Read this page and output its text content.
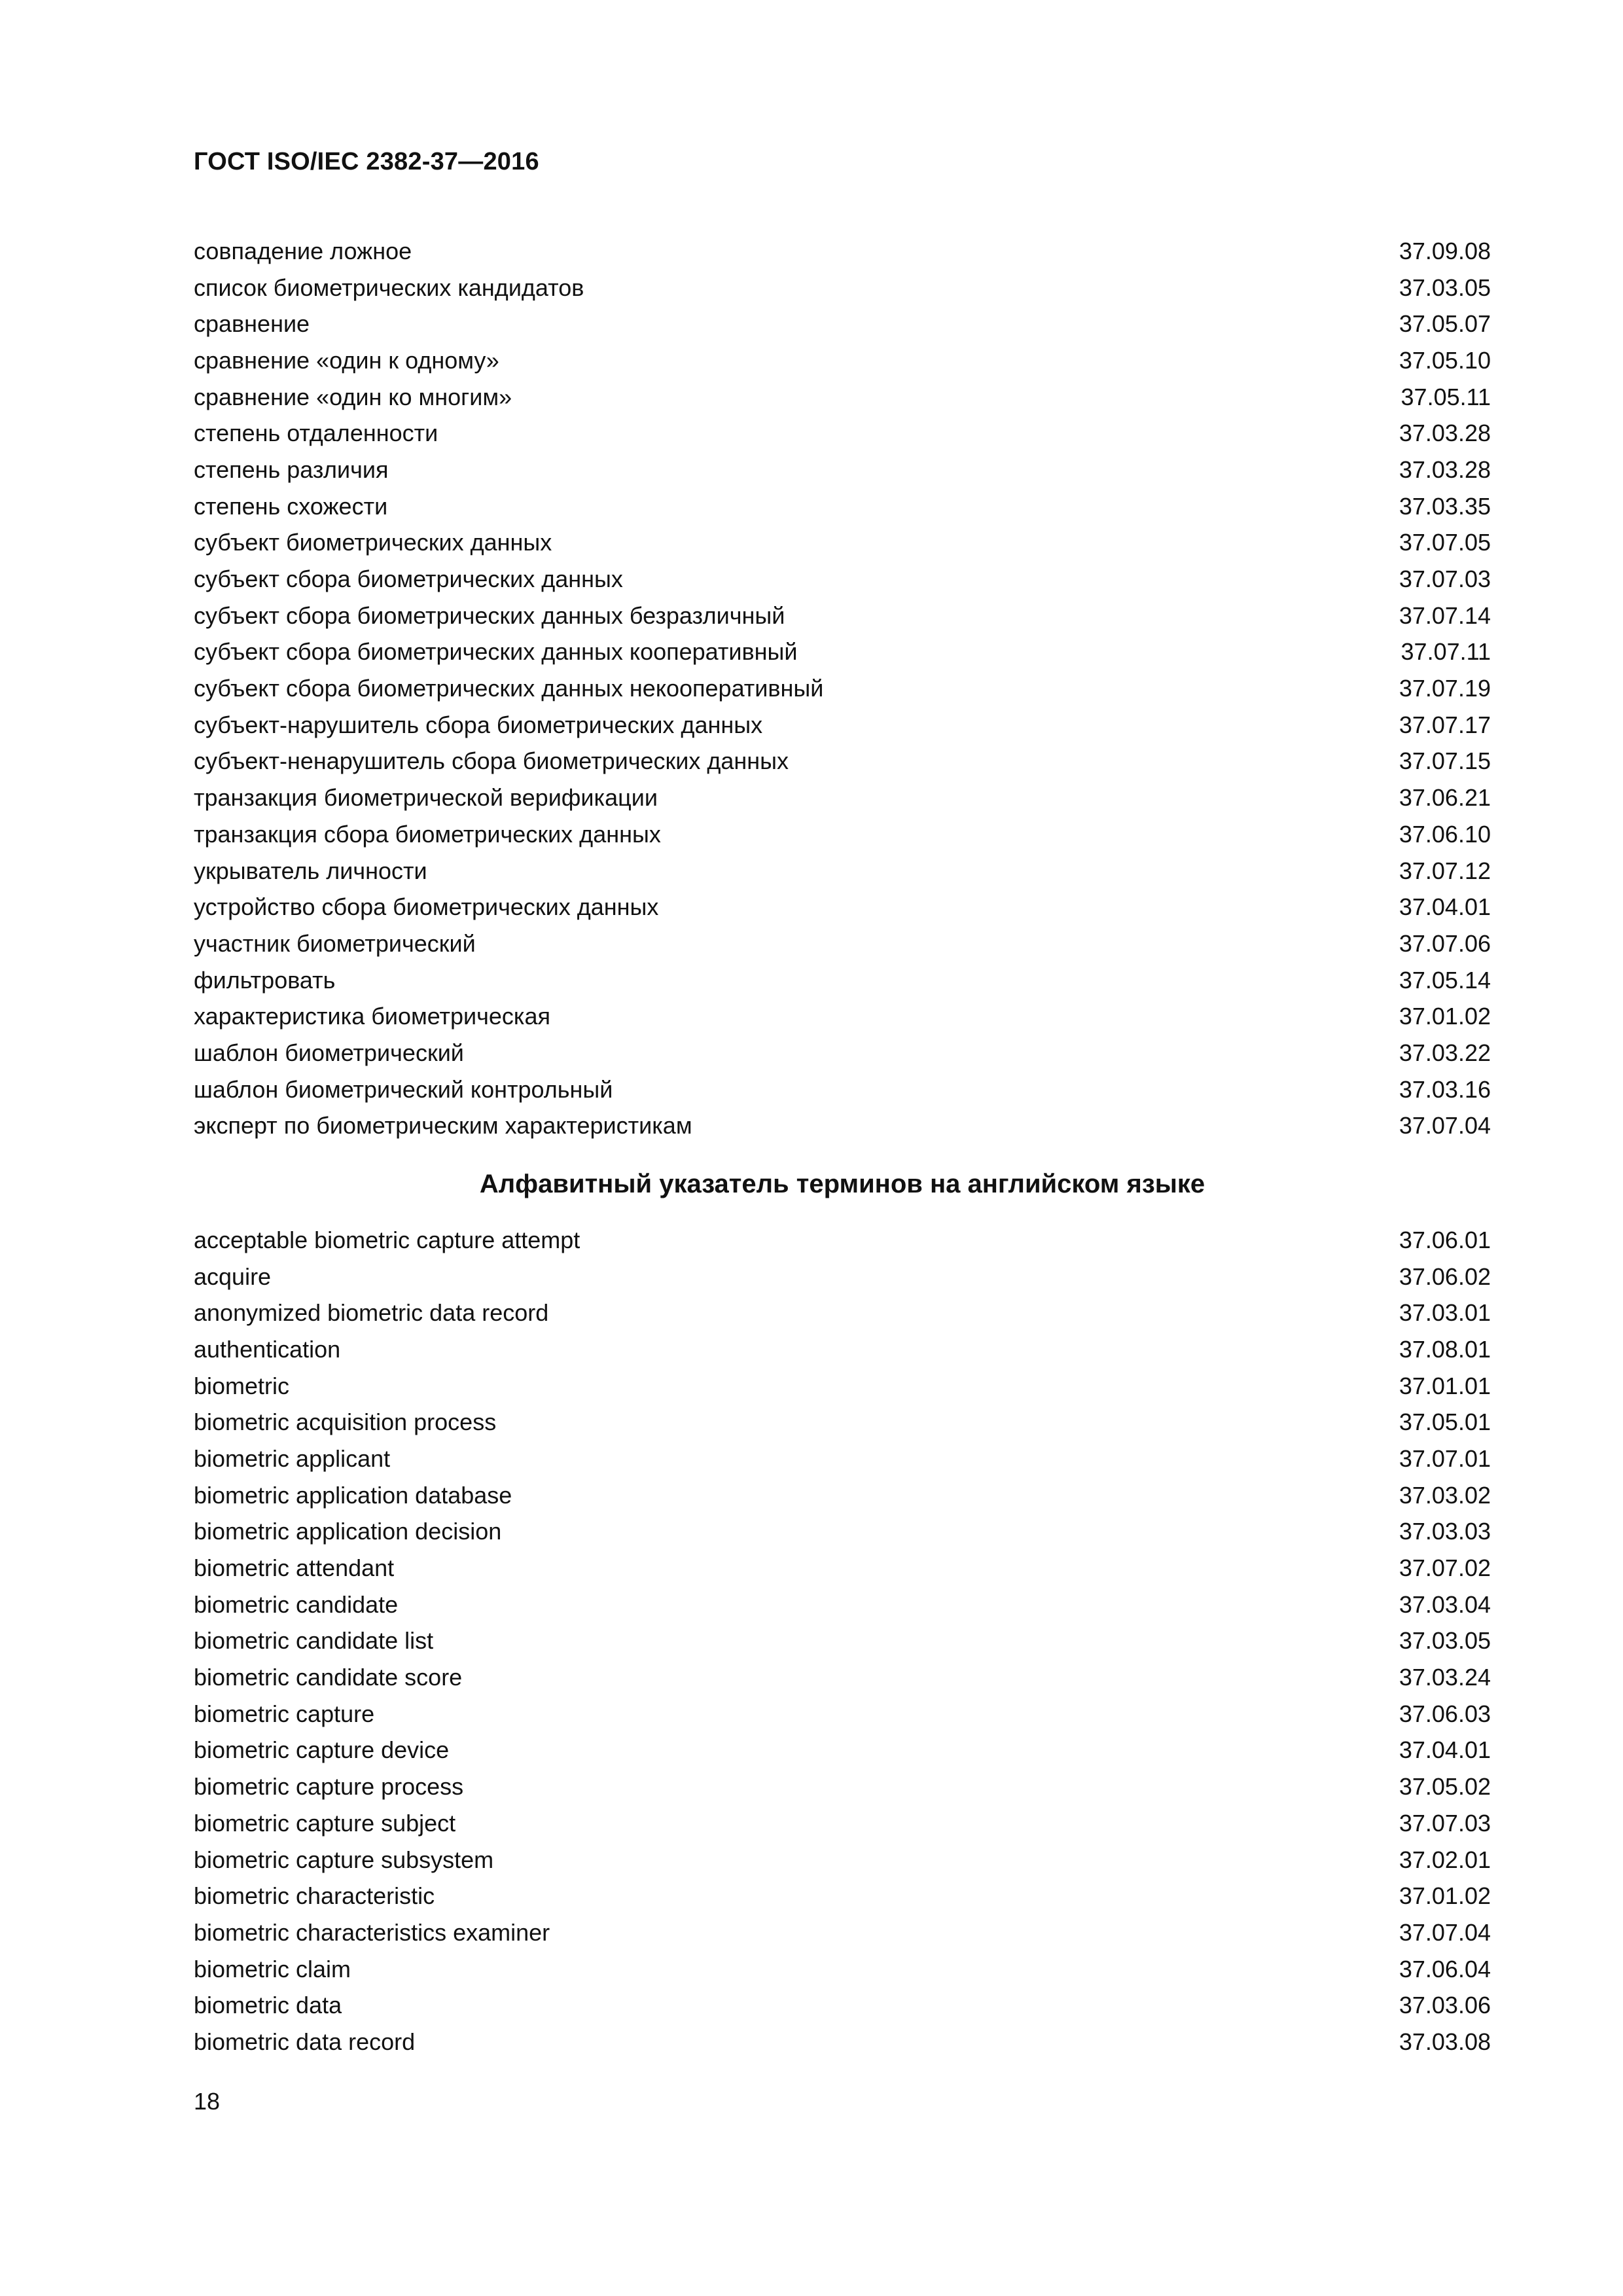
ГОСТ ISO/IEC 2382-37—2016
совпадение ложное	37.09.08
список биометрических кандидатов	37.03.05
сравнение	37.05.07
сравнение «один к одному»	37.05.10
сравнение «один ко многим»	37.05.11
степень отдаленности	37.03.28
степень различия	37.03.28
степень схожести	37.03.35
субъект биометрических данных	37.07.05
субъект сбора биометрических данных	37.07.03
субъект сбора биометрических данных безразличный	37.07.14
субъект сбора биометрических данных кооперативный	37.07.11
субъект сбора биометрических данных некооперативный	37.07.19
субъект-нарушитель сбора биометрических данных	37.07.17
субъект-ненарушитель сбора биометрических данных	37.07.15
транзакция биометрической верификации	37.06.21
транзакция сбора биометрических данных	37.06.10
укрыватель личности	37.07.12
устройство сбора биометрических данных	37.04.01
участник биометрический	37.07.06
фильтровать	37.05.14
характеристика биометрическая	37.01.02
шаблон биометрический	37.03.22
шаблон биометрический контрольный	37.03.16
эксперт по биометрическим характеристикам	37.07.04
Алфавитный указатель терминов на английском языке
acceptable biometric capture attempt	37.06.01
acquire	37.06.02
anonymized biometric data record	37.03.01
authentication	37.08.01
biometric	37.01.01
biometric acquisition process	37.05.01
biometric applicant	37.07.01
biometric application database	37.03.02
biometric application decision	37.03.03
biometric attendant	37.07.02
biometric candidate	37.03.04
biometric candidate list	37.03.05
biometric candidate score	37.03.24
biometric capture	37.06.03
biometric capture device	37.04.01
biometric capture process	37.05.02
biometric capture subject	37.07.03
biometric capture subsystem	37.02.01
biometric characteristic	37.01.02
biometric characteristics examiner	37.07.04
biometric claim	37.06.04
biometric data	37.03.06
biometric data record	37.03.08
18
